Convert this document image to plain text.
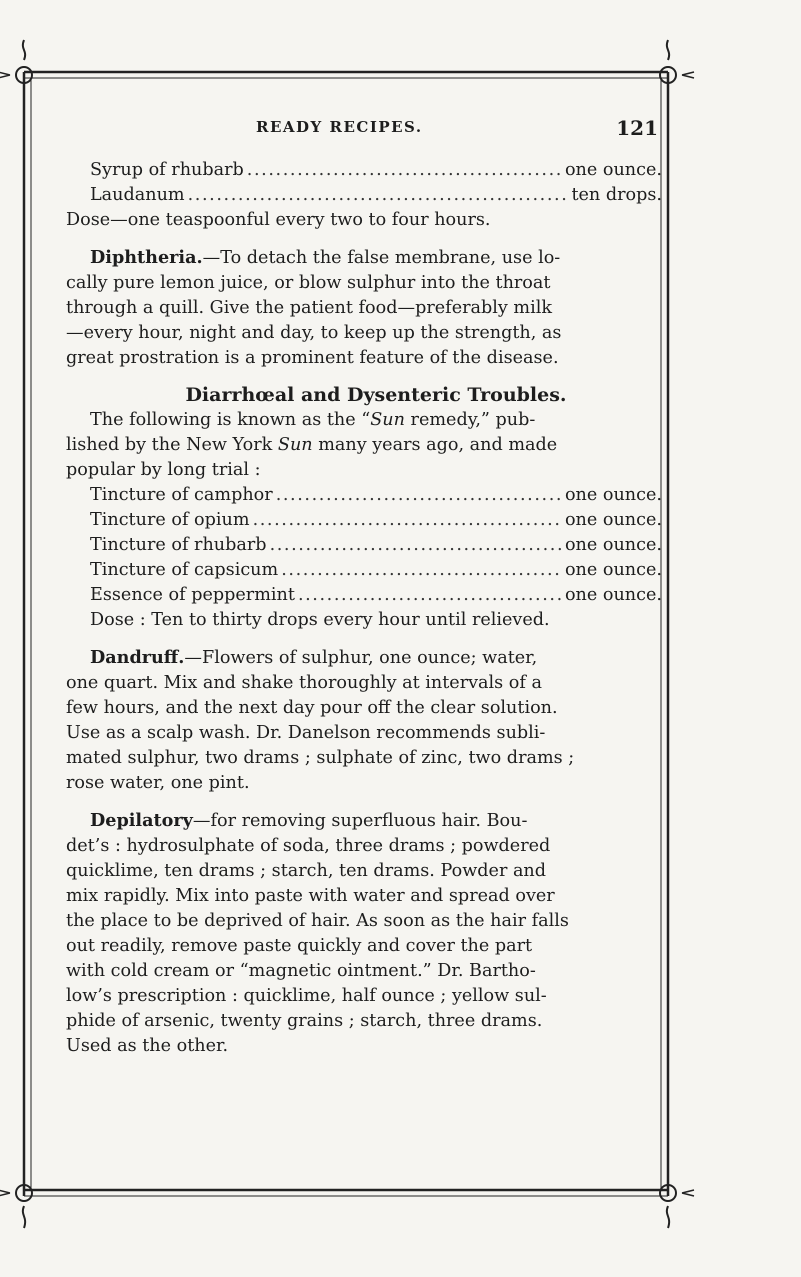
READY RECIPES.	121
Syrup of rhubarb . . .	one ounce.
Laudanum . . .	ten drops.
Dose—one teaspoonful every two to four hours.
Diphtheria.—To detach the false membrane, use lo-
cally pure lemon juice, or blow sulphur into the throat
through a quill. Give the patient food—preferably milk
—every hour, night and day, to keep up the strength, as
great prostration is a prominent feature of the disease.
Diarrhœal and Dysenteric Troubles.
The following is known as the “Sun remedy,” pub-
lished by the New York Sun many years ago, and made
popular by long trial :
Tincture of camphor . . .	one ounce.
Tincture of opium . . .	one ounce.
Tincture of rhubarb . . .	one ounce.
Tincture of capsicum . . .	one ounce.
Essence of peppermint . . .	one ounce.
Dose : Ten to thirty drops every hour until relieved.
Dandruff.—Flowers of sulphur, one ounce; water,
one quart. Mix and shake thoroughly at intervals of a
few hours, and the next day pour off the clear solution.
Use as a scalp wash. Dr. Danelson recommends subli-
mated sulphur, two drams ; sulphate of zinc, two drams ;
rose water, one pint.
Depilatory—for removing superfluous hair. Bou-
det’s : hydrosulphate of soda, three drams ; powdered
quicklime, ten drams ; starch, ten drams. Powder and
mix rapidly. Mix into paste with water and spread over
the place to be deprived of hair. As soon as the hair falls
out readily, remove paste quickly and cover the part
with cold cream or “magnetic ointment.” Dr. Bartho-
low’s prescription : quicklime, half ounce ; yellow sul-
phide of arsenic, twenty grains ; starch, three drams.
Used as the other.
